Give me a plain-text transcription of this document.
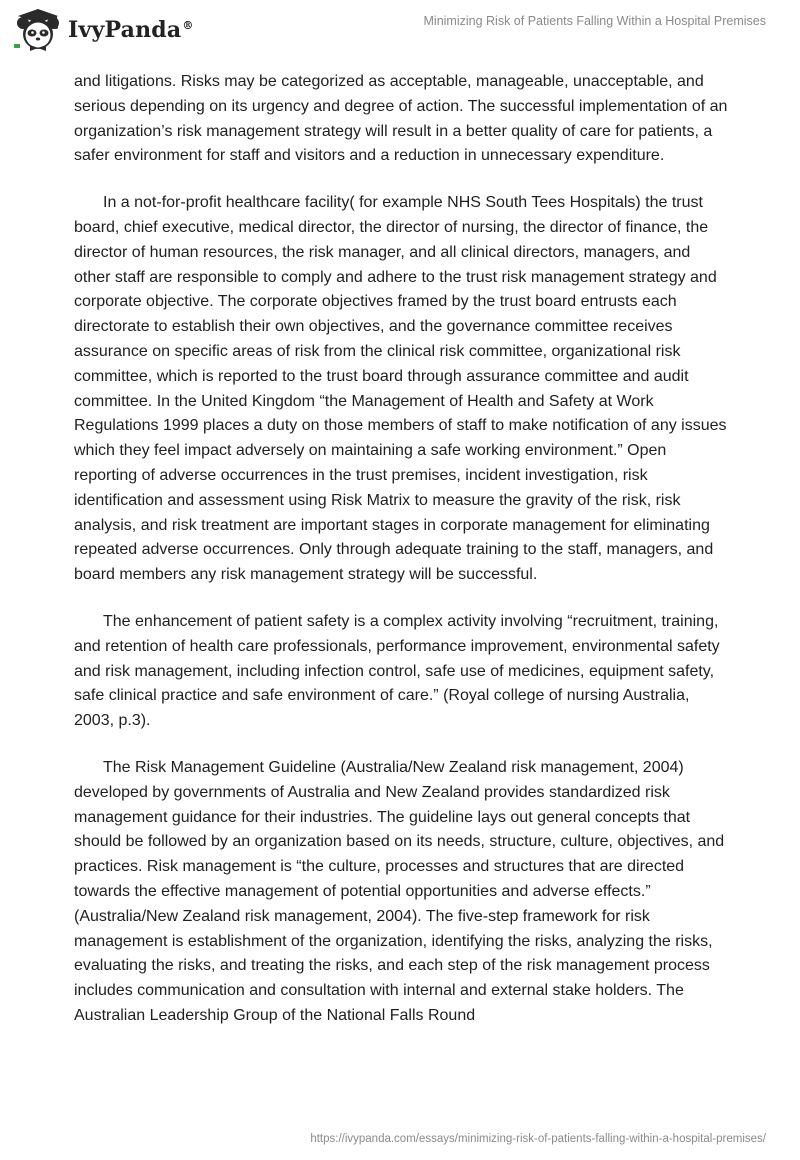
IvyPanda®	Minimizing Risk of Patients Falling Within a Hospital Premises

and litigations. Risks may be categorized as acceptable, manageable, unacceptable, and serious depending on its urgency and degree of action. The successful implementation of an organization’s risk management strategy will result in a better quality of care for patients, a safer environment for staff and visitors and a reduction in unnecessary expenditure.

In a not-for-profit healthcare facility( for example NHS South Tees Hospitals) the trust board, chief executive, medical director, the director of nursing, the director of finance, the director of human resources, the risk manager, and all clinical directors, managers, and other staff are responsible to comply and adhere to the trust risk management strategy and corporate objective. The corporate objectives framed by the trust board entrusts each directorate to establish their own objectives, and the governance committee receives assurance on specific areas of risk from the clinical risk committee, organizational risk committee, which is reported to the trust board through assurance committee and audit committee. In the United Kingdom “the Management of Health and Safety at Work Regulations 1999 places a duty on those members of staff to make notification of any issues which they feel impact adversely on maintaining a safe working environment.” Open reporting of adverse occurrences in the trust premises, incident investigation, risk identification and assessment using Risk Matrix to measure the gravity of the risk, risk analysis, and risk treatment are important stages in corporate management for eliminating repeated adverse occurrences. Only through adequate training to the staff, managers, and board members any risk management strategy will be successful.

The enhancement of patient safety is a complex activity involving “recruitment, training, and retention of health care professionals, performance improvement, environmental safety and risk management, including infection control, safe use of medicines, equipment safety, safe clinical practice and safe environment of care.” (Royal college of nursing Australia, 2003, p.3).

The Risk Management Guideline (Australia/New Zealand risk management, 2004) developed by governments of Australia and New Zealand provides standardized risk management guidance for their industries. The guideline lays out general concepts that should be followed by an organization based on its needs, structure, culture, objectives, and practices. Risk management is “the culture, processes and structures that are directed towards the effective management of potential opportunities and adverse effects.” (Australia/New Zealand risk management, 2004). The five-step framework for risk management is establishment of the organization, identifying the risks, analyzing the risks, evaluating the risks, and treating the risks, and each step of the risk management process includes communication and consultation with internal and external stake holders. The Australian Leadership Group of the National Falls Round

https://ivypanda.com/essays/minimizing-risk-of-patients-falling-within-a-hospital-premises/
